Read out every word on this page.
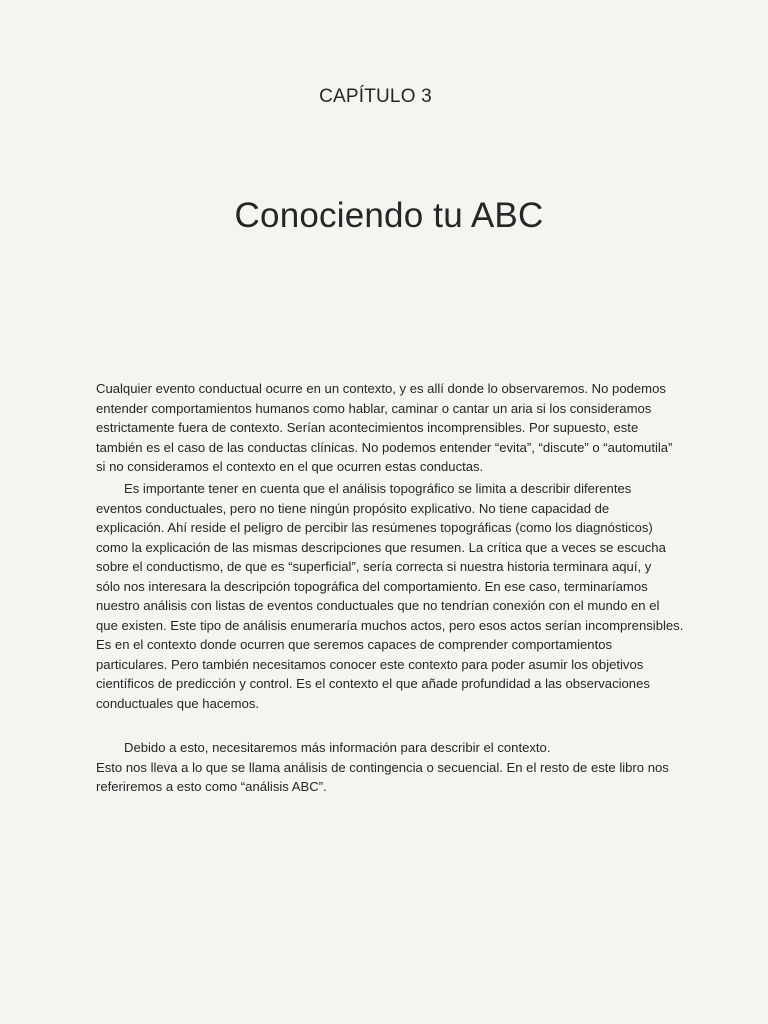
CAPÍTULO 3
Conociendo tu ABC
Cualquier evento conductual ocurre en un contexto, y es allí donde lo observaremos. No podemos
entender comportamientos humanos como hablar, caminar o cantar un aria si los consideramos
estrictamente fuera de contexto. Serían acontecimientos incomprensibles. Por supuesto, este
también es el caso de las conductas clínicas. No podemos entender “evita”, “discute” o “automutila”
si no consideramos el contexto en el que ocurren estas conductas.
Es importante tener en cuenta que el análisis topográfico se limita a describir diferentes
eventos conductuales, pero no tiene ningún propósito explicativo. No tiene capacidad de
explicación. Ahí reside el peligro de percibir las resúmenes topográficas (como los diagnósticos)
como la explicación de las mismas descripciones que resumen. La crítica que a veces se escucha
sobre el conductismo, de que es “superficial”, sería correcta si nuestra historia terminara aquí, y
sólo nos interesara la descripción topográfica del comportamiento. En ese caso, terminaríamos
nuestro análisis con listas de eventos conductuales que no tendrían conexión con el mundo en el
que existen. Este tipo de análisis enumeraría muchos actos, pero esos actos serían incomprensibles.
Es en el contexto donde ocurren que seremos capaces de comprender comportamientos
particulares. Pero también necesitamos conocer este contexto para poder asumir los objetivos
científicos de predicción y control. Es el contexto el que añade profundidad a las observaciones
conductuales que hacemos.
Debido a esto, necesitaremos más información para describir el contexto.
Esto nos lleva a lo que se llama análisis de contingencia o secuencial. En el resto de este libro nos
referiremos a esto como “análisis ABC”.
